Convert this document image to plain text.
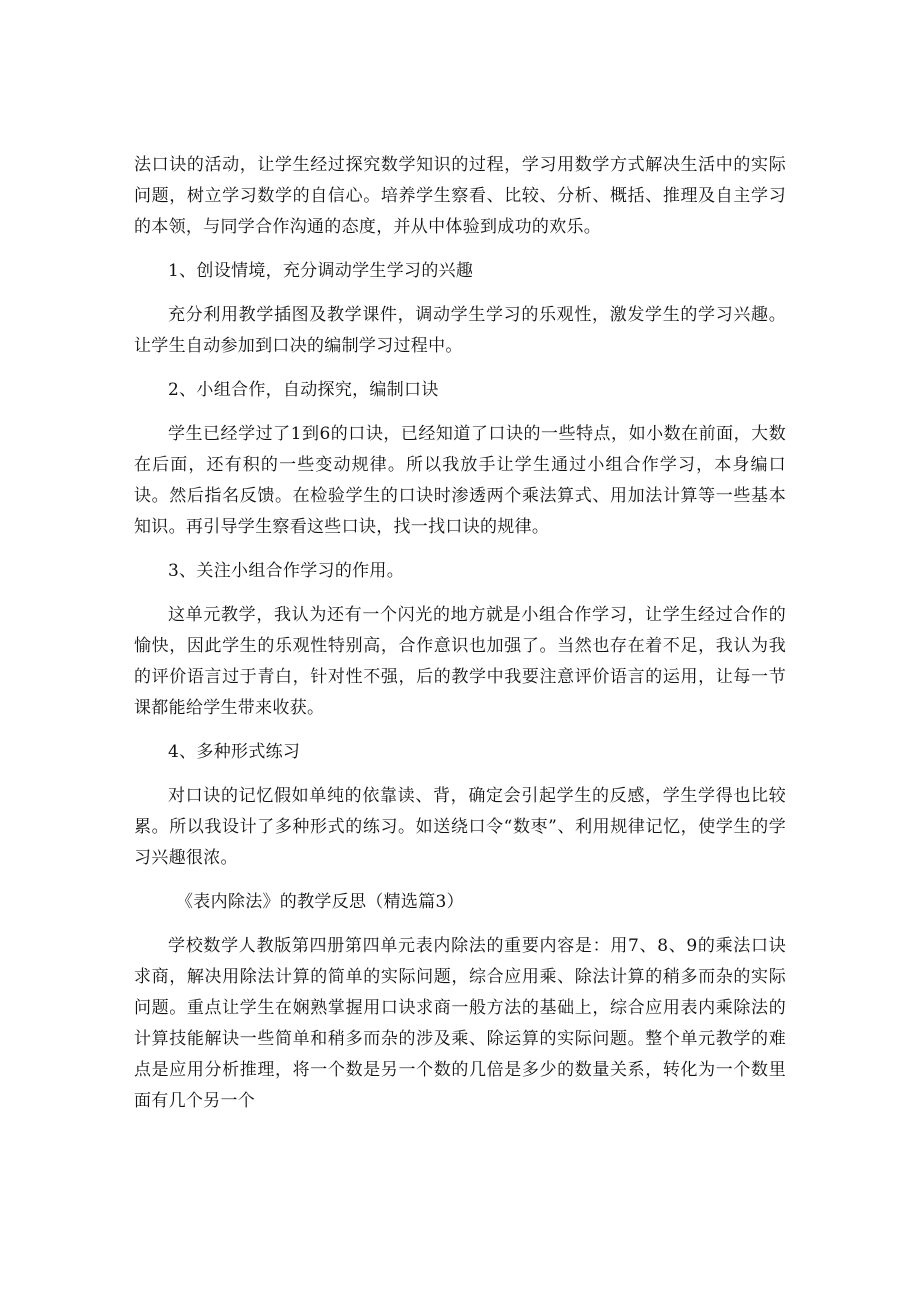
法口诀的活动，让学生经过探究数学知识的过程，学习用数学方式解决生活中的实际问题，树立学习数学的自信心。培养学生察看、比较、分析、概括、推理及自主学习的本领，与同学合作沟通的态度，并从中体验到成功的欢乐。

1、创设情境，充分调动学生学习的兴趣

充分利用教学插图及教学课件，调动学生学习的乐观性，激发学生的学习兴趣。让学生自动参加到口决的编制学习过程中。

2、小组合作，自动探究，编制口诀

学生已经学过了1到6的口诀，已经知道了口诀的一些特点，如小数在前面，大数在后面，还有积的一些变动规律。所以我放手让学生通过小组合作学习，本身编口诀。然后指名反馈。在检验学生的口诀时渗透两个乘法算式、用加法计算等一些基本知识。再引导学生察看这些口诀，找一找口诀的规律。

3、关注小组合作学习的作用。

这单元教学，我认为还有一个闪光的地方就是小组合作学习，让学生经过合作的愉快，因此学生的乐观性特别高，合作意识也加强了。当然也存在着不足，我认为我的评价语言过于青白，针对性不强，后的教学中我要注意评价语言的运用，让每一节课都能给学生带来收获。

4、多种形式练习

对口诀的记忆假如单纯的依靠读、背，确定会引起学生的反感，学生学得也比较累。所以我设计了多种形式的练习。如送绕口令“数枣”、利用规律记忆，使学生的学习兴趣很浓。

《表内除法》的教学反思（精选篇3）

学校数学人教版第四册第四单元表内除法的重要内容是：用7、8、9的乘法口诀求商，解决用除法计算的简单的实际问题，综合应用乘、除法计算的稍多而杂的实际问题。重点让学生在娴熟掌握用口诀求商一般方法的基础上，综合应用表内乘除法的计算技能解诀一些简单和稍多而杂的涉及乘、除运算的实际问题。整个单元教学的难点是应用分析推理，将一个数是另一个数的几倍是多少的数量关系，转化为一个数里面有几个另一个
